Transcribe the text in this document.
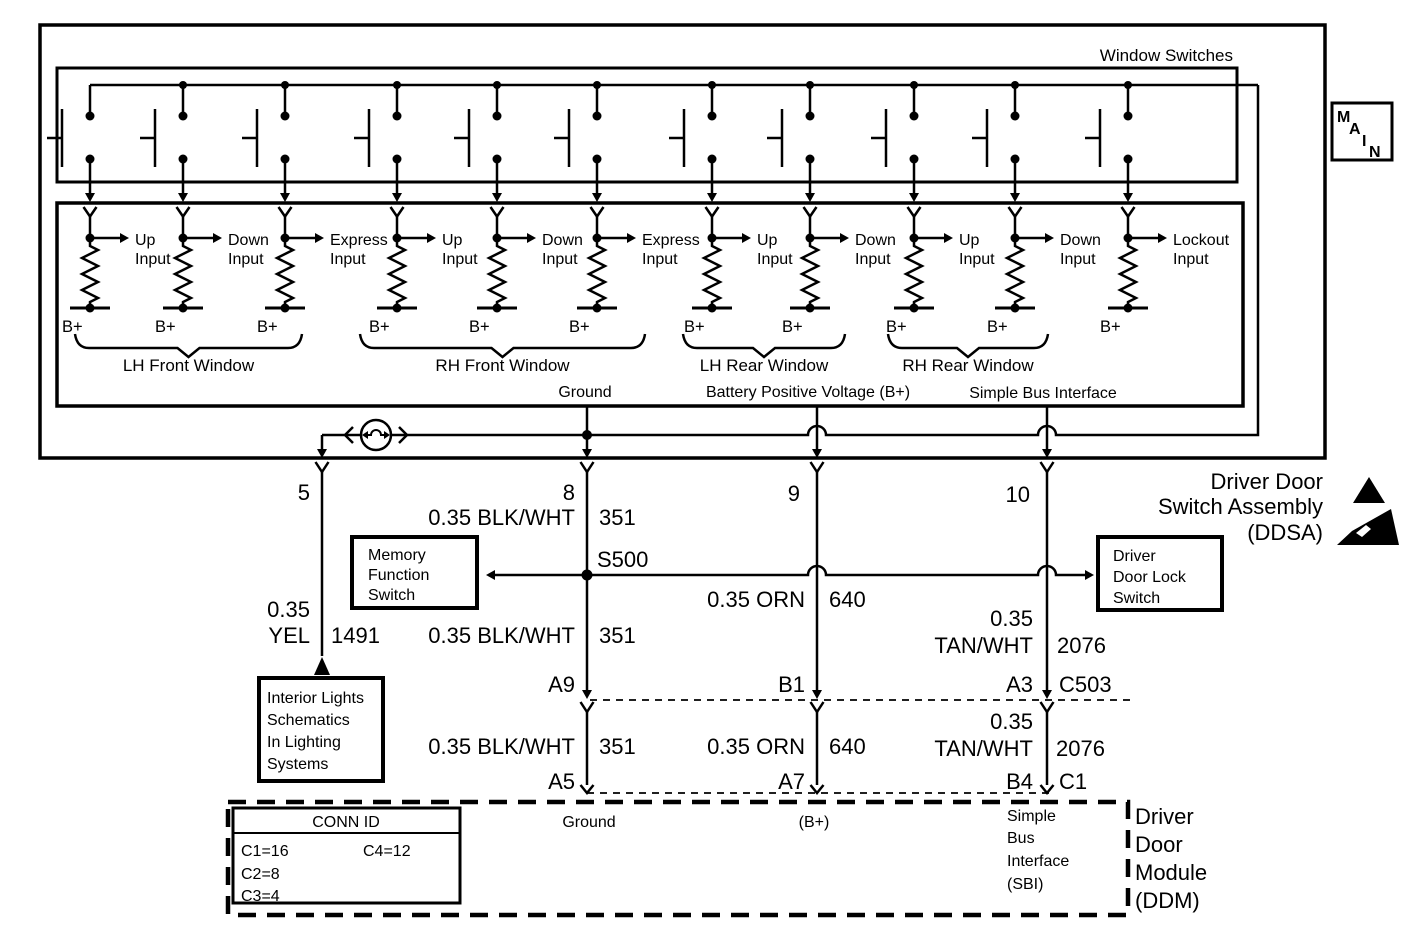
Window Switches
M
A
I
N
Up
Input
B+
Down
Input
B+
Express
Input
B+
Up
Input
B+
Down
Input
B+
Express
Input
B+
Up
Input
B+
Down
Input
B+
Up
Input
B+
Down
Input
B+
Lockout
Input
B+
LH Front Window	RH Front Window	LH Rear Window	RH Rear Window
Ground	Battery Positive Voltage (B+)	Simple Bus Interface
5	8	9	10
Driver Door
Switch Assembly
(DDSA)
S500
0.35 BLK/WHT 351
Memory
Function
Switch
Driver
Door Lock
Switch
0.35
YEL 1491 0.35 BLK/WHT 351
0.35 ORN 640
0.35
TAN/WHT 2076
Interior Lights
Schematics
In Lighting
Systems
A9	B1	A3 C503
0.35 BLK/WHT 351	0.35 ORN 640
0.35
TAN/WHT 2076
A5	A7	B4 C1
CONN ID
C1=16
C2=8
C3=4
C4=12
Ground	(B+)	Simple
Bus
Interface
(SBI)
Driver
Door
Module
(DDM)
